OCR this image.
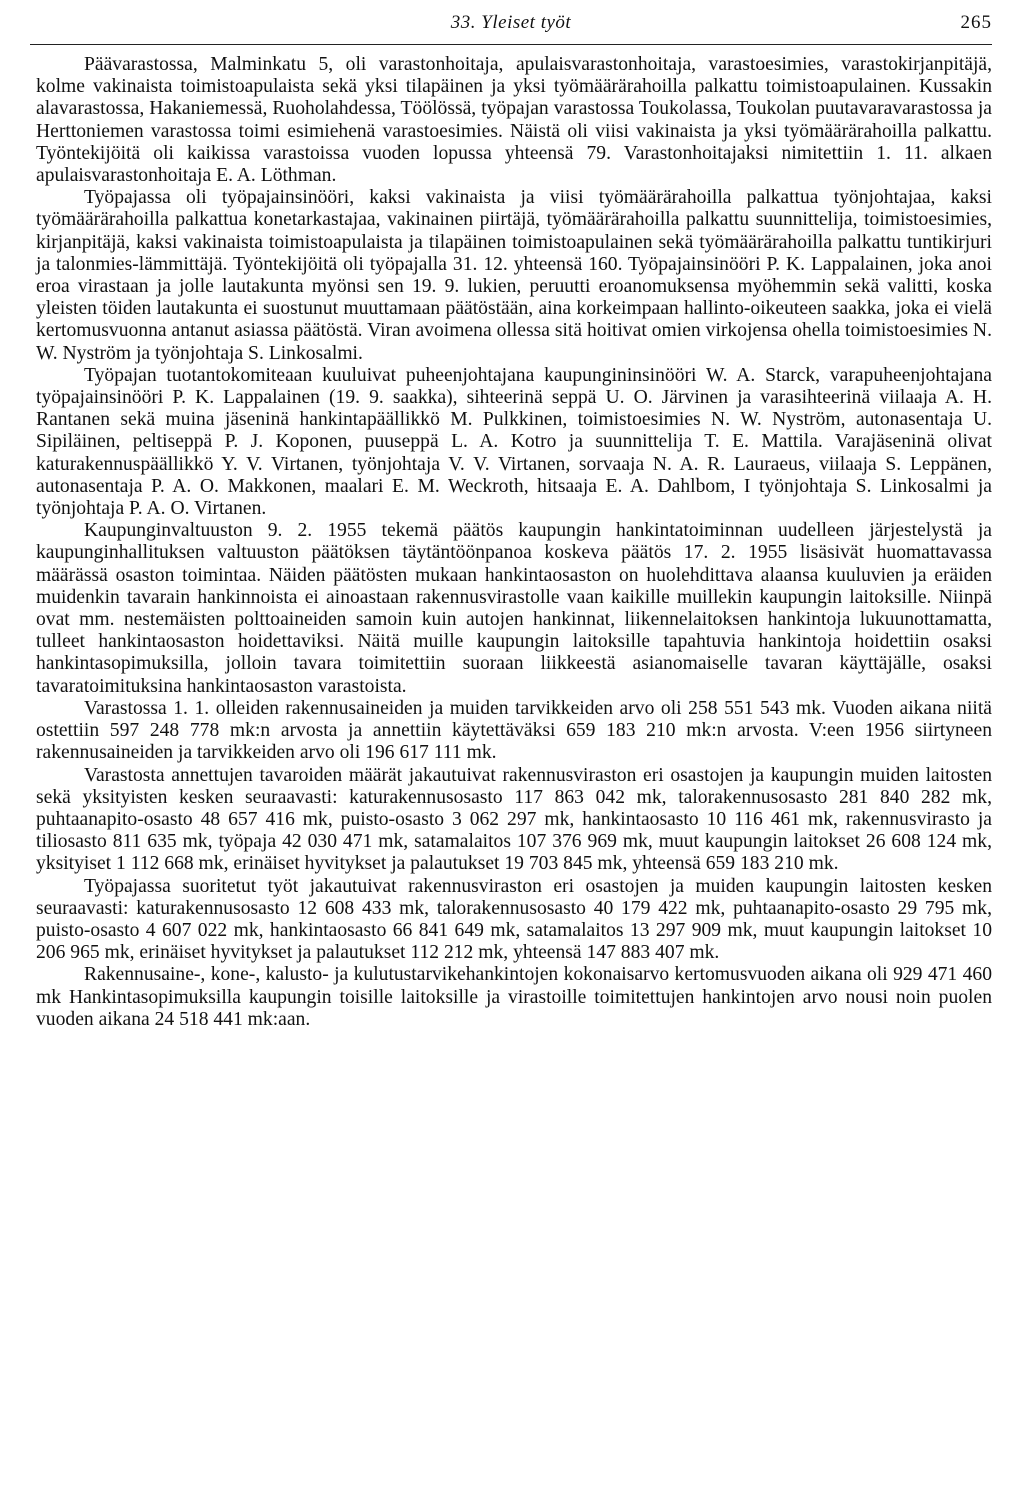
33. Yleiset työt	265

Päävarastossa, Malminkatu 5, oli varastonhoitaja, apulaisvarastonhoitaja, varastoesimies, varastokirjanpitäjä, kolme vakinaista toimistoapulaista sekä yksi tilapäinen ja yksi työmäärärahoilla palkattu toimistoapulainen. Kussakin alavarastossa, Hakaniemessä, Ruoholahdessa, Töölössä, työpajan varastossa Toukolassa, Toukolan puutavaravarastossa ja Herttoniemen varastossa toimi esimiehenä varastoesimies. Näistä oli viisi vakinaista ja yksi työmäärärahoilla palkattu. Työntekijöitä oli kaikissa varastoissa vuoden lopussa yhteensä 79. Varastonhoitajaksi nimitettiin 1. 11. alkaen apulaisvarastonhoitaja E. A. Löthman.

Työpajassa oli työpajainsinööri, kaksi vakinaista ja viisi työmäärärahoilla palkattua työnjohtajaa, kaksi työmäärärahoilla palkattua konetarkastajaa, vakinainen piirtäjä, työmäärärahoilla palkattu suunnittelija, toimistoesimies, kirjanpitäjä, kaksi vakinaista toimistoapulaista ja tilapäinen toimistoapulainen sekä työmäärärahoilla palkattu tuntikirjuri ja talonmies-lämmittäjä. Työntekijöitä oli työpajalla 31. 12. yhteensä 160. Työpajainsinööri P. K. Lappalainen, joka anoi eroa virastaan ja jolle lautakunta myönsi sen 19. 9. lukien, peruutti eroanomuksensa myöhemmin sekä valitti, koska yleisten töiden lautakunta ei suostunut muuttamaan päätöstään, aina korkeimpaan hallinto-oikeuteen saakka, joka ei vielä kertomusvuonna antanut asiassa päätöstä. Viran avoimena ollessa sitä hoitivat omien virkojensa ohella toimistoesimies N. W. Nyström ja työnjohtaja S. Linkosalmi.

Työpajan tuotantokomiteaan kuuluivat puheenjohtajana kaupungininsinööri W. A. Starck, varapuheenjohtajana työpajainsinööri P. K. Lappalainen (19. 9. saakka), sihteerinä seppä U. O. Järvinen ja varasihteerinä viilaaja A. H. Rantanen sekä muina jäseninä hankintapäällikkö M. Pulkkinen, toimistoesimies N. W. Nyström, autonasentaja U. Sipiläinen, peltiseppä P. J. Koponen, puuseppä L. A. Kotro ja suunnittelija T. E. Mattila. Varajäseninä olivat katurakennuspäällikkö Y. V. Virtanen, työnjohtaja V. V. Virtanen, sorvaaja N. A. R. Lauraeus, viilaaja S. Leppänen, autonasentaja P. A. O. Makkonen, maalari E. M. Weckroth, hitsaaja E. A. Dahlbom, I työnjohtaja S. Linkosalmi ja työnjohtaja P. A. O. Virtanen.

Kaupunginvaltuuston 9. 2. 1955 tekemä päätös kaupungin hankintatoiminnan uudelleen järjestelystä ja kaupunginhallituksen valtuuston päätöksen täytäntöönpanoa koskeva päätös 17. 2. 1955 lisäsivät huomattavassa määrässä osaston toimintaa. Näiden päätösten mukaan hankintaosaston on huolehdittava alaansa kuuluvien ja eräiden muidenkin tavarain hankinnoista ei ainoastaan rakennusvirastolle vaan kaikille muillekin kaupungin laitoksille. Niinpä ovat mm. nestemäisten polttoaineiden samoin kuin autojen hankinnat, liikennelaitoksen hankintoja lukuunottamatta, tulleet hankintaosaston hoidettaviksi. Näitä muille kaupungin laitoksille tapahtuvia hankintoja hoidettiin osaksi hankintasopimuksilla, jolloin tavara toimitettiin suoraan liikkeestä asianomaiselle tavaran käyttäjälle, osaksi tavaratoimituksina hankintaosaston varastoista.

Varastossa 1. 1. olleiden rakennusaineiden ja muiden tarvikkeiden arvo oli 258 551 543 mk. Vuoden aikana niitä ostettiin 597 248 778 mk:n arvosta ja annettiin käytettäväksi 659 183 210 mk:n arvosta. V:een 1956 siirtyneen rakennusaineiden ja tarvikkeiden arvo oli 196 617 111 mk.

Varastosta annettujen tavaroiden määrät jakautuivat rakennusviraston eri osastojen ja kaupungin muiden laitosten sekä yksityisten kesken seuraavasti: katurakennusosasto 117 863 042 mk, talorakennusosasto 281 840 282 mk, puhtaanapito-osasto 48 657 416 mk, puisto-osasto 3 062 297 mk, hankintaosasto 10 116 461 mk, rakennusvirasto ja tiliosasto 811 635 mk, työpaja 42 030 471 mk, satamalaitos 107 376 969 mk, muut kaupungin laitokset 26 608 124 mk, yksityiset 1 112 668 mk, erinäiset hyvitykset ja palautukset 19 703 845 mk, yhteensä 659 183 210 mk.

Työpajassa suoritetut työt jakautuivat rakennusviraston eri osastojen ja muiden kaupungin laitosten kesken seuraavasti: katurakennusosasto 12 608 433 mk, talorakennusosasto 40 179 422 mk, puhtaanapito-osasto 29 795 mk, puisto-osasto 4 607 022 mk, hankintaosasto 66 841 649 mk, satamalaitos 13 297 909 mk, muut kaupungin laitokset 10 206 965 mk, erinäiset hyvitykset ja palautukset 112 212 mk, yhteensä 147 883 407 mk.

Rakennusaine-, kone-, kalusto- ja kulutustarvikehankintojen kokonaisarvo kertomusvuoden aikana oli 929 471 460 mk Hankintasopimuksilla kaupungin toisille laitoksille ja virastoille toimitettujen hankintojen arvo nousi noin puolen vuoden aikana 24 518 441 mk:aan.
